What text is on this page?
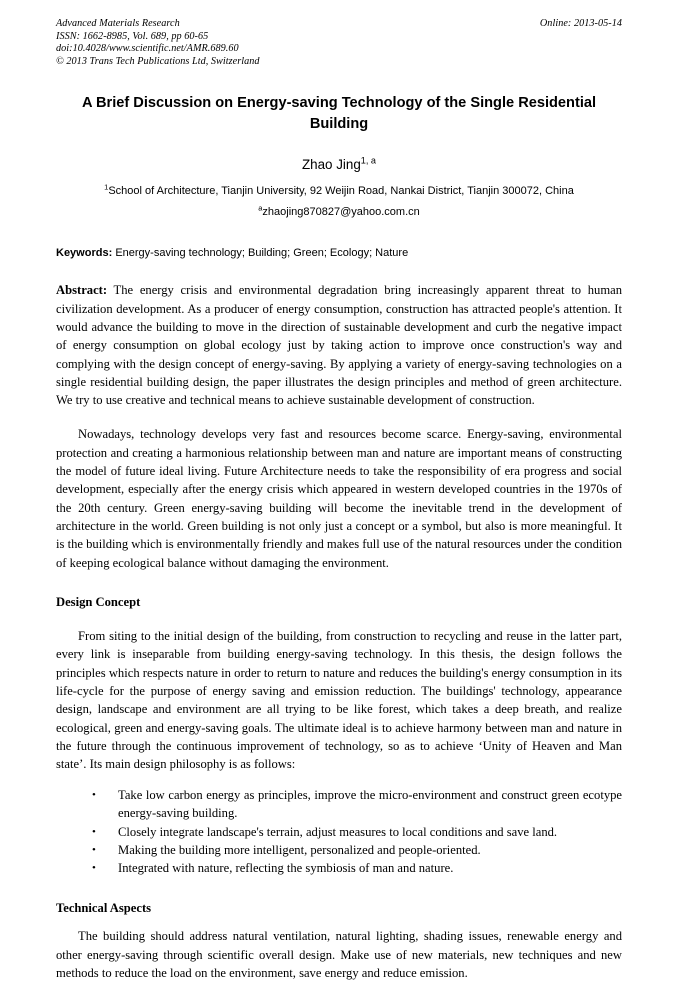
Online: 2013-05-14
Advanced Materials Research
ISSN: 1662-8985, Vol. 689, pp 60-65
doi:10.4028/www.scientific.net/AMR.689.60
© 2013 Trans Tech Publications Ltd, Switzerland
A Brief Discussion on Energy-saving Technology of the Single Residential Building
Zhao Jing$^{1, a}$
$^1$School of Architecture, Tianjin University, 92 Weijin Road, Nankai District, Tianjin 300072, China
$^a$zhaojing870827@yahoo.com.cn
Keywords: Energy-saving technology; Building; Green; Ecology; Nature
Abstract: The energy crisis and environmental degradation bring increasingly apparent threat to human civilization development. As a producer of energy consumption, construction has attracted people's attention. It would advance the building to move in the direction of sustainable development and curb the negative impact of energy consumption on global ecology just by taking action to improve once construction's way and complying with the design concept of energy-saving. By applying a variety of energy-saving technologies on a single residential building design, the paper illustrates the design principles and method of green architecture. We try to use creative and technical means to achieve sustainable development of construction.

Nowadays, technology develops very fast and resources become scarce. Energy-saving, environmental protection and creating a harmonious relationship between man and nature are important means of constructing the model of future ideal living. Future Architecture needs to take the responsibility of era progress and social development, especially after the energy crisis which appeared in western developed countries in the 1970s of the 20th century. Green energy-saving building will become the inevitable trend in the development of architecture in the world. Green building is not only just a concept or a symbol, but also is more meaningful. It is the building which is environmentally friendly and makes full use of the natural resources under the condition of keeping ecological balance without damaging the environment.

Design Concept

From siting to the initial design of the building, from construction to recycling and reuse in the latter part, every link is inseparable from building energy-saving technology. In this thesis, the design follows the principles which respects nature in order to return to nature and reduces the building's energy consumption in its life-cycle for the purpose of energy saving and emission reduction. The buildings' technology, appearance design, landscape and environment are all trying to be like forest, which takes a deep breath, and realize ecological, green and energy-saving goals. The ultimate ideal is to achieve harmony between man and nature in the future through the continuous improvement of technology, so as to achieve ‘Unity of Heaven and Man state’. Its main design philosophy is as follows:

• Take low carbon energy as principles, improve the micro-environment and construct green ecotype energy-saving building.
• Closely integrate landscape's terrain, adjust measures to local conditions and save land.
• Making the building more intelligent, personalized and people-oriented.
• Integrated with nature, reflecting the symbiosis of man and nature.
Technical Aspects

The building should address natural ventilation, natural lighting, shading issues, renewable energy and other energy-saving through scientific overall design. Make use of new materials, new techniques and new methods to reduce the load on the environment, save energy and reduce emission.
